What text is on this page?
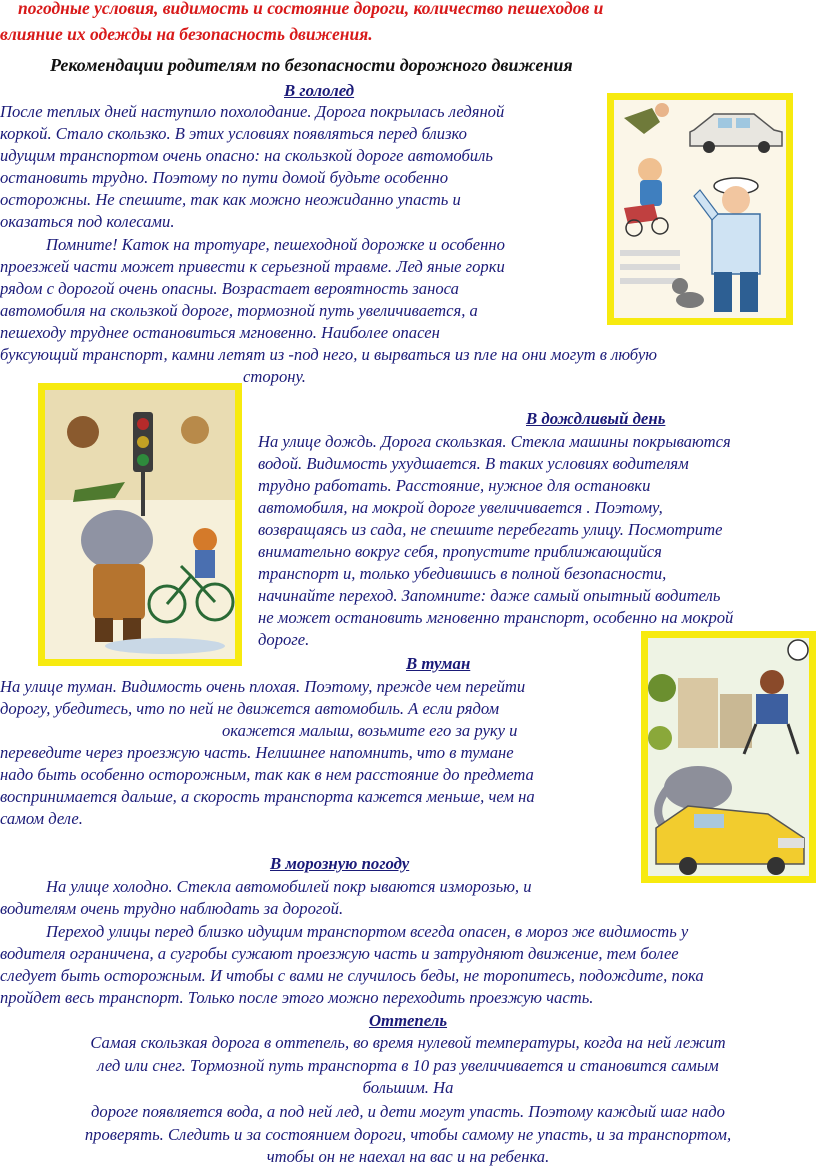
погодные условия, видимость и состояние дороги, количество пешеходов и
влияние их одежды на безопасность движения.
Рекомендации родителям по безопасности дорожного движения
В гололед
После теплых дней наступило похолодание. Дорога покрылась ледяной
коркой. Стало скользко. В этих условиях появляться перед близко
идущим транспортом очень опасно: на скользкой дороге автомобиль
остановить трудно. Поэтому по пути домой будьте особенно
осторожны. Не спешите, так как можно неожиданно упасть и
оказаться под колесами.
Помните! Каток на тротуаре, пешеходной дорожке и особенно
проезжей части может привести к серьезной травме. Лед яные горки
рядом с дорогой очень опасны. Возрастает вероятность заноса
автомобиля на скользкой дороге, тормозной путь увеличивается, а
пешеходу труднее остановиться мгновенно. Наиболее опасен
буксующий транспорт, камни летят из -под него, и вырваться из пле на они могут в любую
сторону.
В дождливый день
На улице дождь. Дорога скользкая. Стекла машины покрываются
водой. Видимость ухудшается. В таких условиях водителям
трудно работать. Расстояние, нужное для остановки
автомобиля, на мокрой дороге увеличивается . Поэтому,
возвращаясь из сада, не спешите перебегать улицу. Посмотрите
внимательно вокруг себя, пропустите приближающийся
транспорт и, только убедившись в полной безопасности,
начинайте переход. Запомните: даже самый опытный водитель
не может остановить мгновенно транспорт, особенно на мокрой
дороге.
В туман
На улице туман. Видимость очень плохая. Поэтому, прежде чем перейти
дорогу, убедитесь, что по ней не движется автомобиль. А если рядом
окажется малыш, возьмите его за руку и
переведите через проезжую часть. Нелишнее напомнить, что в тумане
надо быть особенно осторожным, так как в нем расстояние до предмета
воспринимается дальше, а скорость транспорта кажется меньше, чем на
самом деле.
В морозную погоду
На улице холодно. Стекла автомобилей покр ываются изморозью, и
водителям очень трудно наблюдать за дорогой.
Переход улицы перед близко идущим транспортом всегда опасен, в мороз же видимость у
водителя ограничена, а сугробы сужают проезжую часть и затрудняют движение, тем более
следует быть осторожным. И чтобы с вами не случилось беды, не торопитесь, подождите, пока
пройдет весь транспорт. Только после этого можно переходить проезжую часть.
Оттепель
Самая скользкая дорога в оттепель, во время нулевой температуры, когда на ней лежит
лед или снег. Тормозной путь транспорта в 10 раз увеличивается и становится самым
большим. На
дороге появляется вода, а под ней лед, и дети могут упасть. Поэтому каждый шаг надо
проверять. Следить и за состоянием дороги, чтобы самому не упасть, и за транспортом,
чтобы он не наехал на вас и на ребенка.
